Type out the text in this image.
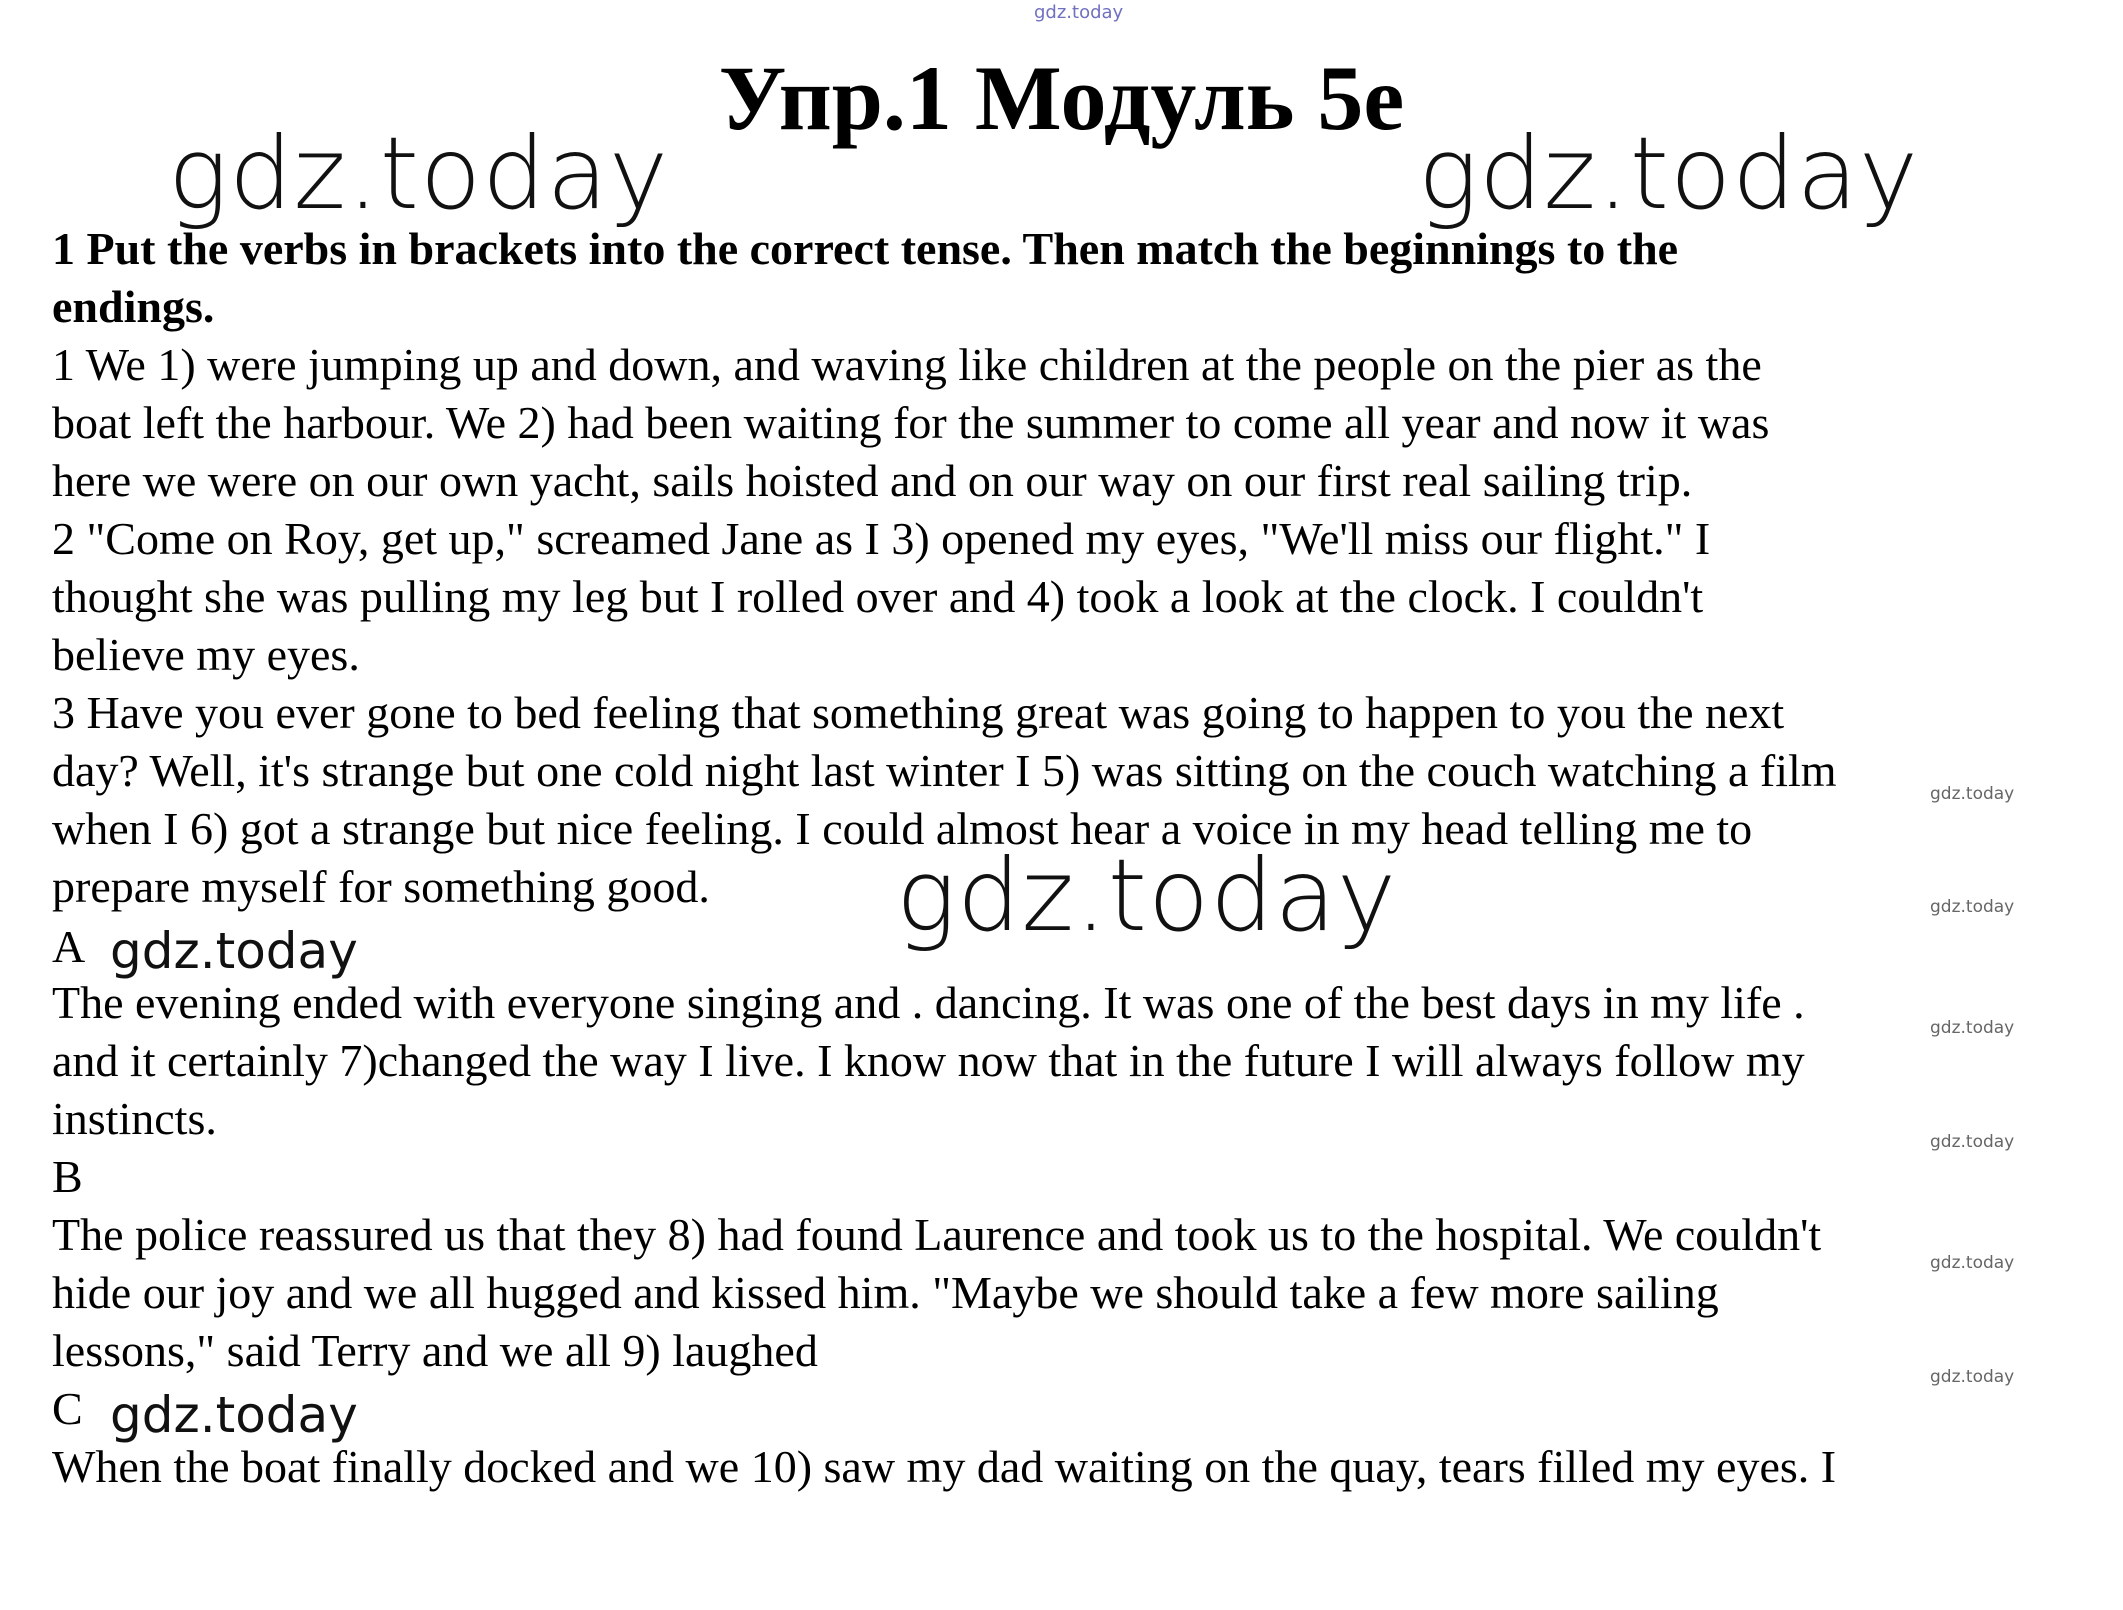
gdz.today
Упр.1 Модуль 5e
gdz.today	gdz.today
gdz.today
gdz.today
gdz.today
gdz.today
gdz.today
gdz.today
gdz.today
gdz.today
gdz.today
1 Put the verbs in brackets into the correct tense. Then match the beginnings to the
endings.
1 We 1) were jumping up and down, and waving like children at the people on the pier as the
boat left the harbour. We 2) had been waiting for the summer to come all year and now it was
here we were on our own yacht, sails hoisted and on our way on our first real sailing trip.
2 "Come on Roy, get up," screamed Jane as I 3) opened my eyes, "We'll miss our flight." I
thought she was pulling my leg but I rolled over and 4) took a look at the clock. I couldn't
believe my eyes.
3 Have you ever gone to bed feeling that something great was going to happen to you the next
day? Well, it's strange but one cold night last winter I 5) was sitting on the couch watching a film
when I 6) got a strange but nice feeling. I could almost hear a voice in my head telling me to
prepare myself for something good.
A
The evening ended with everyone singing and . dancing. It was one of the best days in my life .
and it certainly 7)changed the way I live. I know now that in the future I will always follow my
instincts.
B
The police reassured us that they 8) had found Laurence and took us to the hospital. We couldn't
hide our joy and we all hugged and kissed him. "Maybe we should take a few more sailing
lessons," said Terry and we all 9) laughed
C
When the boat finally docked and we 10) saw my dad waiting on the quay, tears filled my eyes. I
